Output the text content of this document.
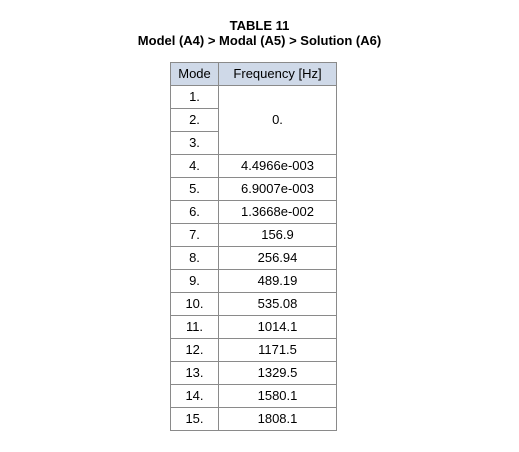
TABLE 11
Model (A4) > Modal (A5) > Solution (A6)
Mode	Frequency [Hz]
1.	0.
2.	
3.	
4.	4.4966e-003
5.	6.9007e-003
6.	1.3668e-002
7.	156.9
8.	256.94
9.	489.19
10.	535.08
11.	1014.1
12.	1171.5
13.	1329.5
14.	1580.1
15.	1808.1
